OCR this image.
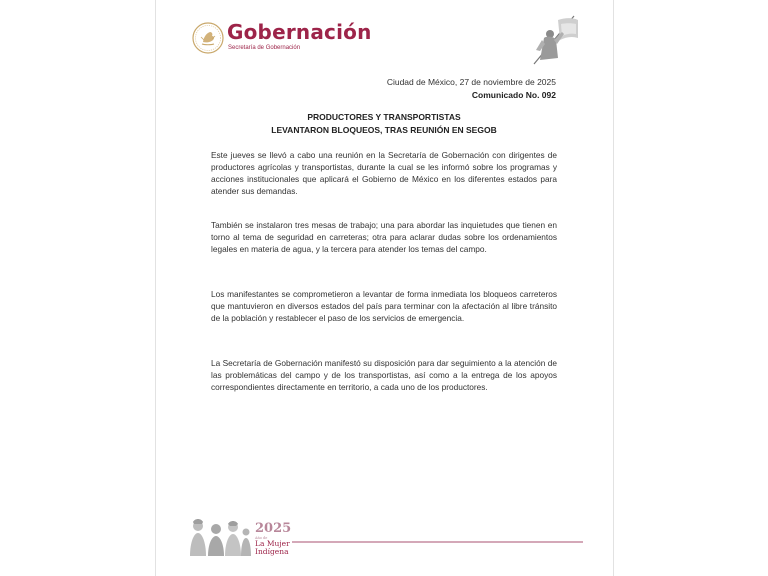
Gobernación
Secretaría de Gobernación
Ciudad de México, 27 de noviembre de 2025
Comunicado No. 092
PRODUCTORES Y TRANSPORTISTAS
LEVANTARON BLOQUEOS, TRAS REUNIÓN EN SEGOB
Este jueves se llevó a cabo una reunión en la Secretaría de Gobernación con dirigentes de productores agrícolas y transportistas, durante la cual se les informó sobre los programas y acciones institucionales que aplicará el Gobierno de México en los diferentes estados para atender sus demandas.
También se instalaron tres mesas de trabajo; una para abordar las inquietudes que tienen en torno al tema de seguridad en carreteras; otra para aclarar dudas sobre los ordenamientos legales en materia de agua, y la tercera para atender los temas del campo.
Los manifestantes se comprometieron a levantar de forma inmediata los bloqueos carreteros que mantuvieron en diversos estados del país para terminar con la afectación al libre tránsito de la población y restablecer el paso de los servicios de emergencia.
La Secretaría de Gobernación manifestó su disposición para dar seguimiento a la atención de las problemáticas del campo y de los transportistas, así como a la entrega de los apoyos correspondientes directamente en territorio, a cada uno de los productores.
2025
Año de
La Mujer
Indígena
